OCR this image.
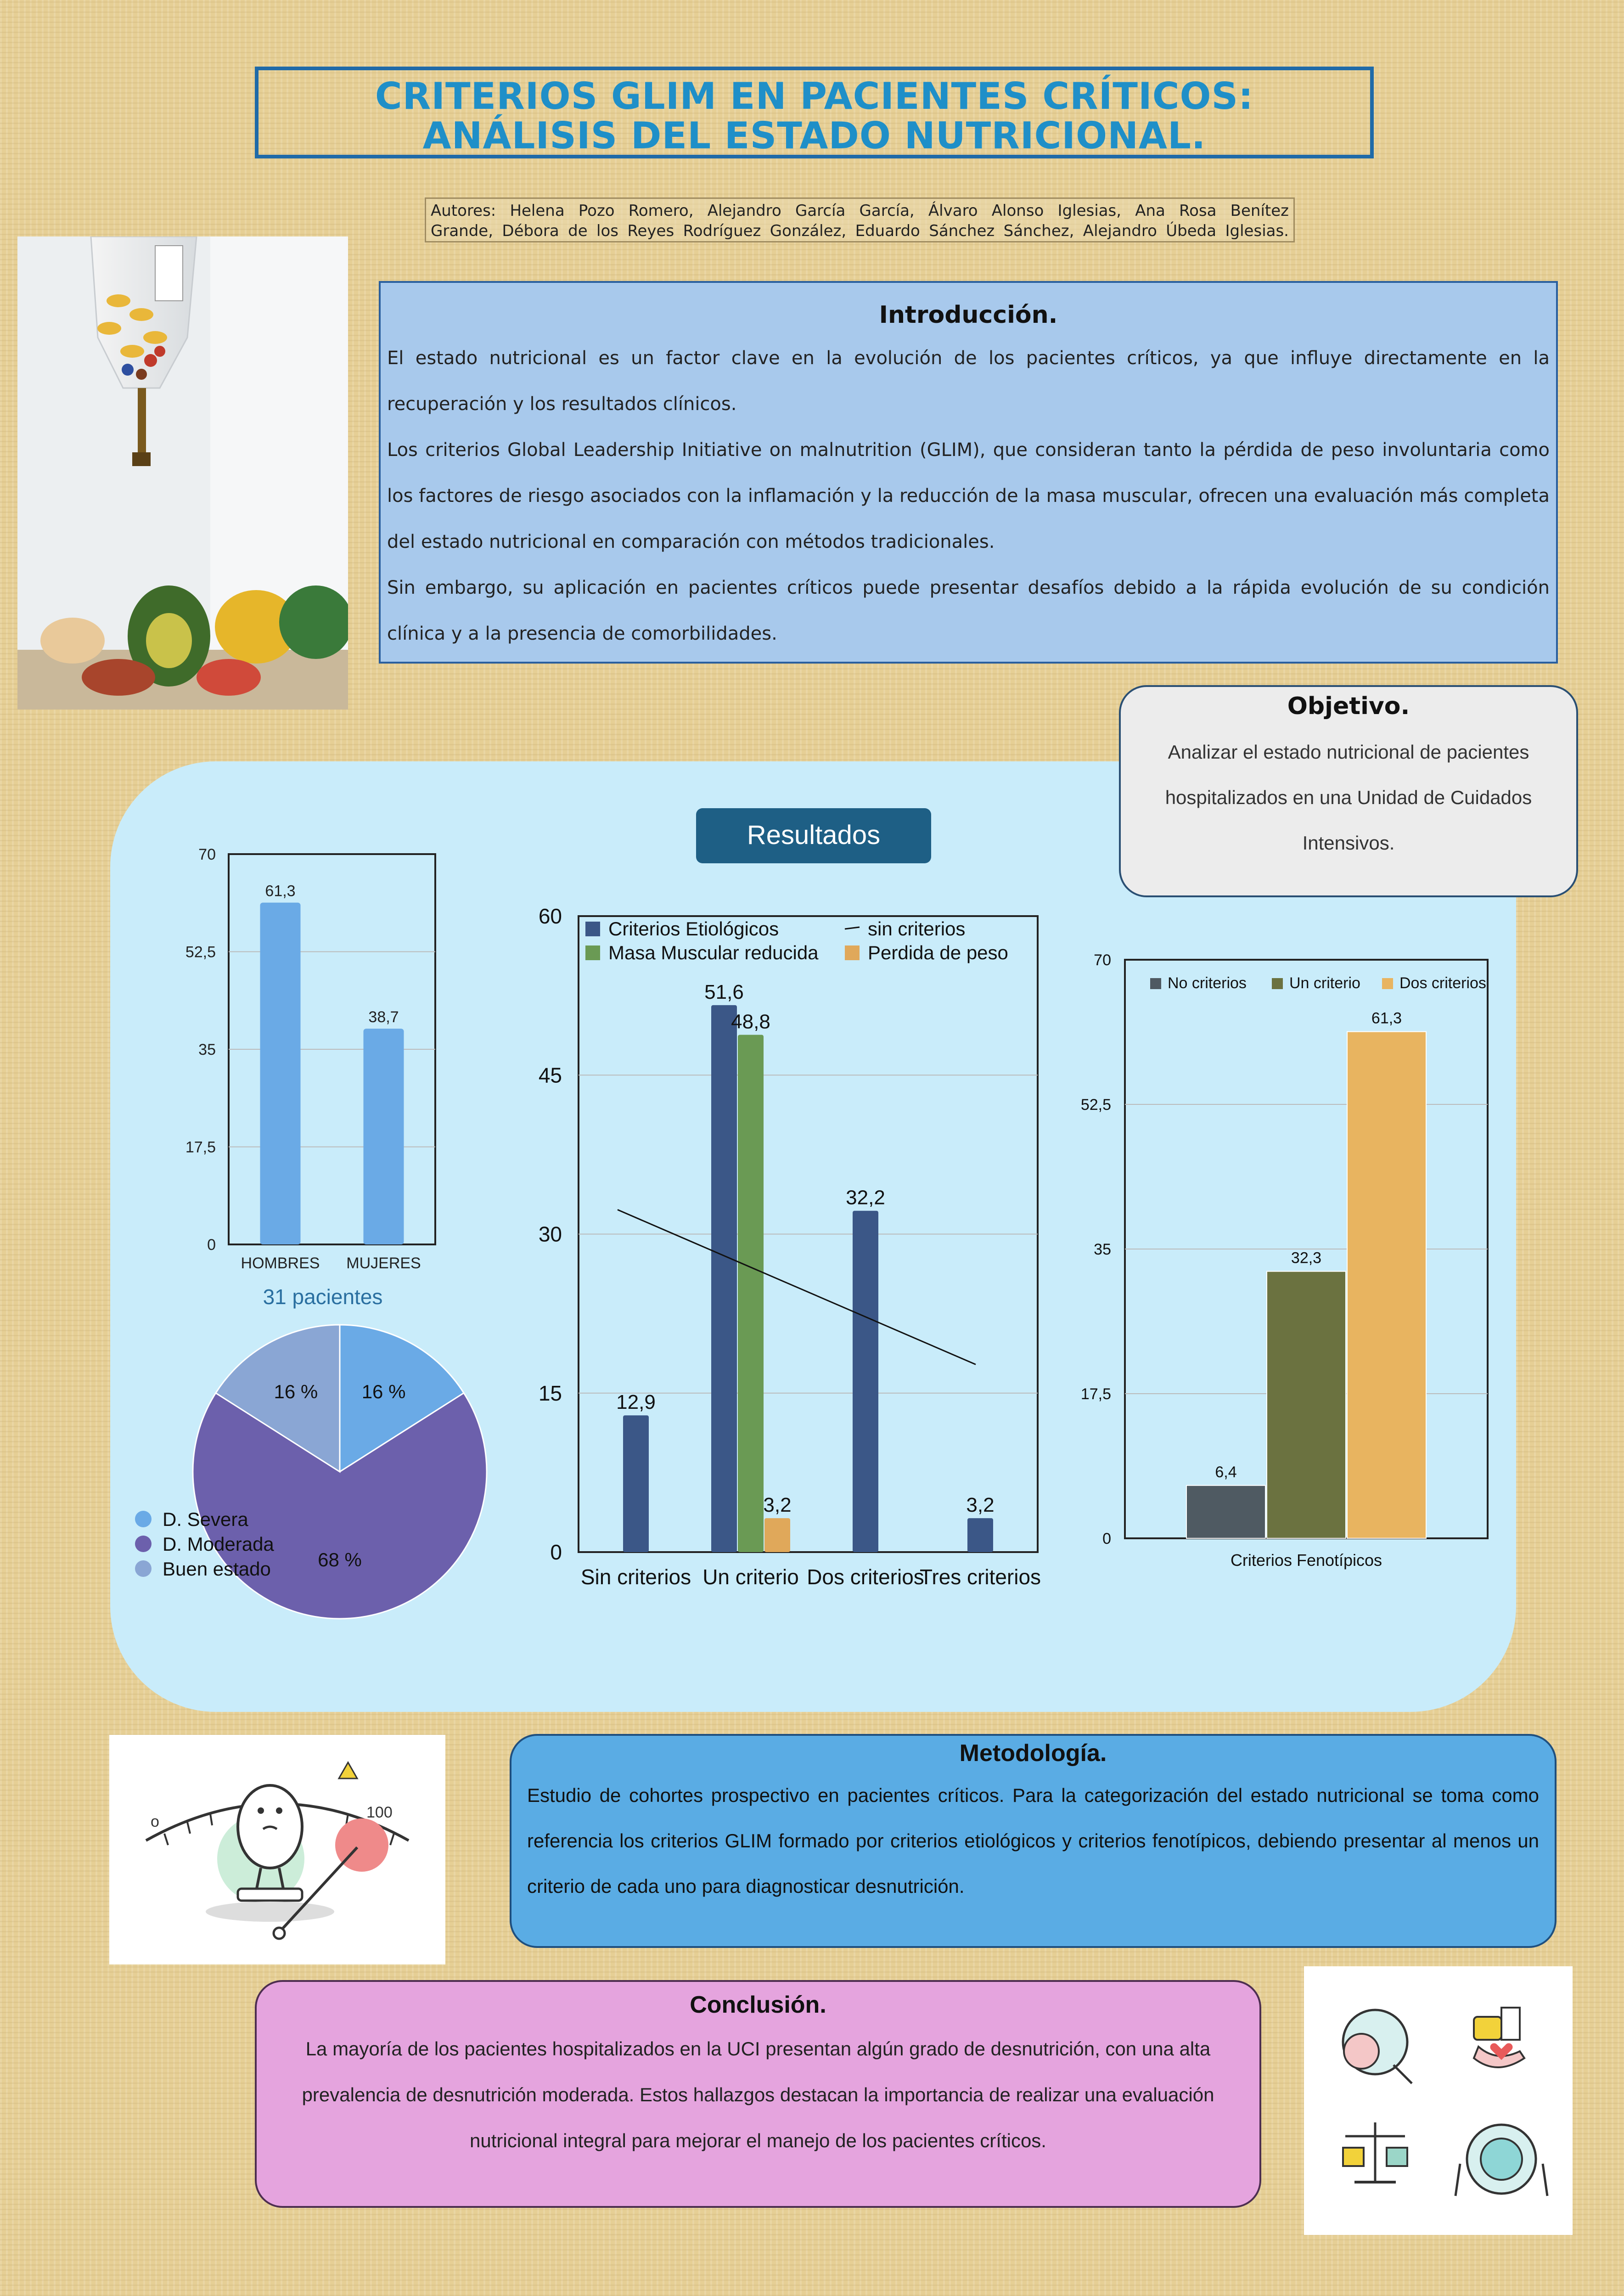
CRITERIOS GLIM EN PACIENTES CRÍTICOS:
ANÁLISIS DEL ESTADO NUTRICIONAL.
Autores: Helena Pozo Romero, Alejandro García García, Álvaro Alonso Iglesias, Ana Rosa Benítez
Grande, Débora de los Reyes Rodríguez González, Eduardo Sánchez Sánchez, Alejandro Úbeda Iglesias.
Introducción.

El estado nutricional es un factor clave en la evolución de los pacientes críticos, ya que influye directamente en la recuperación y los resultados clínicos.

Los criterios Global Leadership Initiative on malnutrition (GLIM), que consideran tanto la pérdida de peso involuntaria como los factores de riesgo asociados con la inflamación y la reducción de la masa muscular, ofrecen una evaluación más completa del estado nutricional en comparación con métodos tradicionales.

Sin embargo, su aplicación en pacientes críticos puede presentar desafíos debido a la rápida evolución de su condición clínica y a la presencia de comorbilidades.

Objetivo.
Analizar el estado nutricional de pacientes hospitalizados en una Unidad de Cuidados Intensivos.
Resultados
0
17,5
35
52,5
70
61,3
HOMBRES
38,7
MUJERES
31 pacientes
16 %
68 %
16 %
D. Severa
D. Moderada
Buen estado
0
15
30
45
60
12,9
Sin criterios
51,6
48,8
3,2
Un criterio
32,2
Dos criterios
3,2
Tres criterios
Criterios Etiológicos
Masa Muscular reducida	Perdida de peso
sin criterios
0
17,5
35
52,5
70
6,4
32,3
61,3
Criterios Fenotípicos
No criterios	Un criterio	Dos criterios
o
100
Metodología.
Estudio de cohortes prospectivo en pacientes críticos. Para la categorización del estado nutricional se toma como referencia los criterios GLIM formado por criterios etiológicos y criterios fenotípicos, debiendo presentar al menos un criterio de cada uno para diagnosticar desnutrición.
Conclusión.
La mayoría de los pacientes hospitalizados en la UCI presentan algún grado de desnutrición, con una alta prevalencia de desnutrición moderada. Estos hallazgos destacan la importancia de realizar una evaluación nutricional integral para mejorar el manejo de los pacientes críticos.
